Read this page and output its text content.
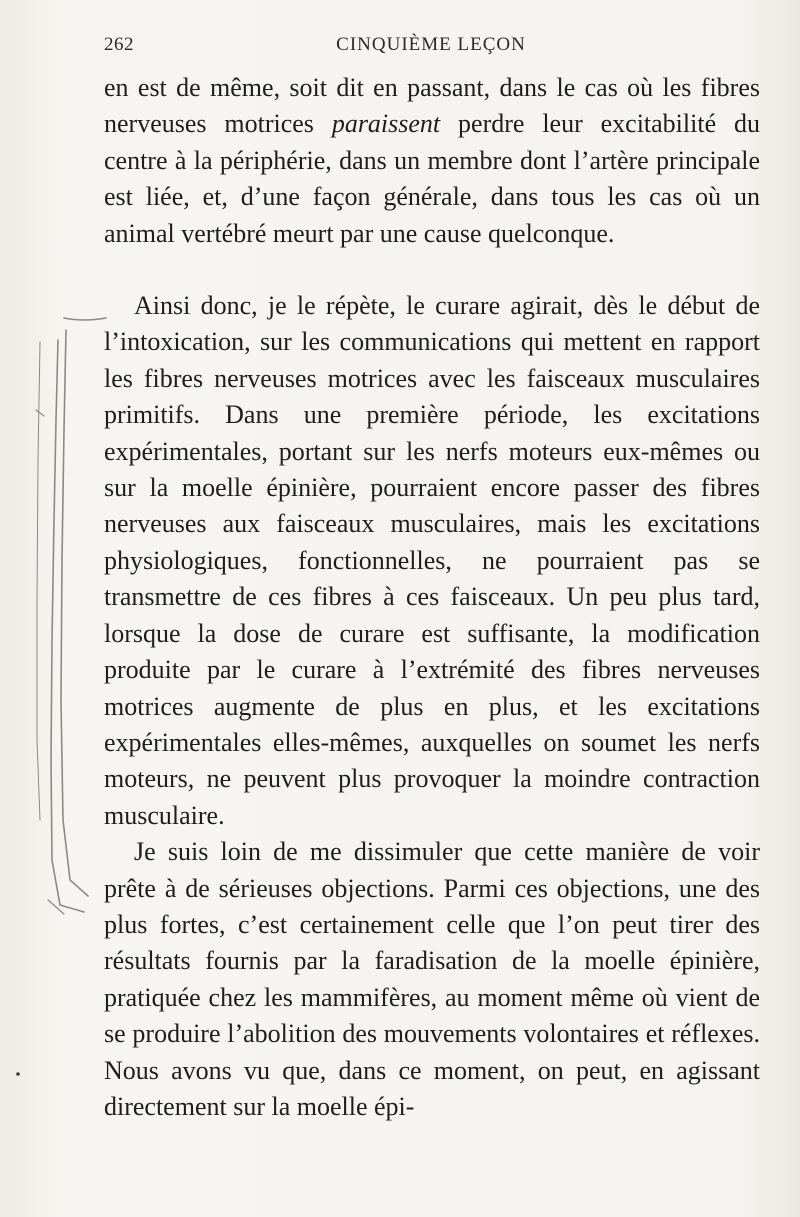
262	CINQUIÈME LEÇON

en est de même, soit dit en passant, dans le cas où les fibres nerveuses motrices paraissent perdre leur excitabilité du centre à la périphérie, dans un membre dont l’artère principale est liée, et, d’une façon générale, dans tous les cas où un animal vertébré meurt par une cause quelconque.

Ainsi donc, je le répète, le curare agirait, dès le début de l’intoxication, sur les communications qui mettent en rapport les fibres nerveuses motrices avec les faisceaux musculaires primitifs. Dans une première période, les excitations expérimentales, portant sur les nerfs moteurs eux-mêmes ou sur la moelle épinière, pourraient encore passer des fibres nerveuses aux faisceaux musculaires, mais les excitations physiologiques, fonctionnelles, ne pourraient pas se transmettre de ces fibres à ces faisceaux. Un peu plus tard, lorsque la dose de curare est suffisante, la modification produite par le curare à l’extrémité des fibres nerveuses motrices augmente de plus en plus, et les excitations expérimentales elles-mêmes, auxquelles on soumet les nerfs moteurs, ne peuvent plus provoquer la moindre contraction musculaire.

Je suis loin de me dissimuler que cette manière de voir prête à de sérieuses objections. Parmi ces objections, une des plus fortes, c’est certainement celle que l’on peut tirer des résultats fournis par la faradisation de la moelle épinière, pratiquée chez les mammifères, au moment même où vient de se produire l’abolition des mouvements volontaires et réflexes. Nous avons vu que, dans ce moment, on peut, en agissant directement sur la moelle épi-
